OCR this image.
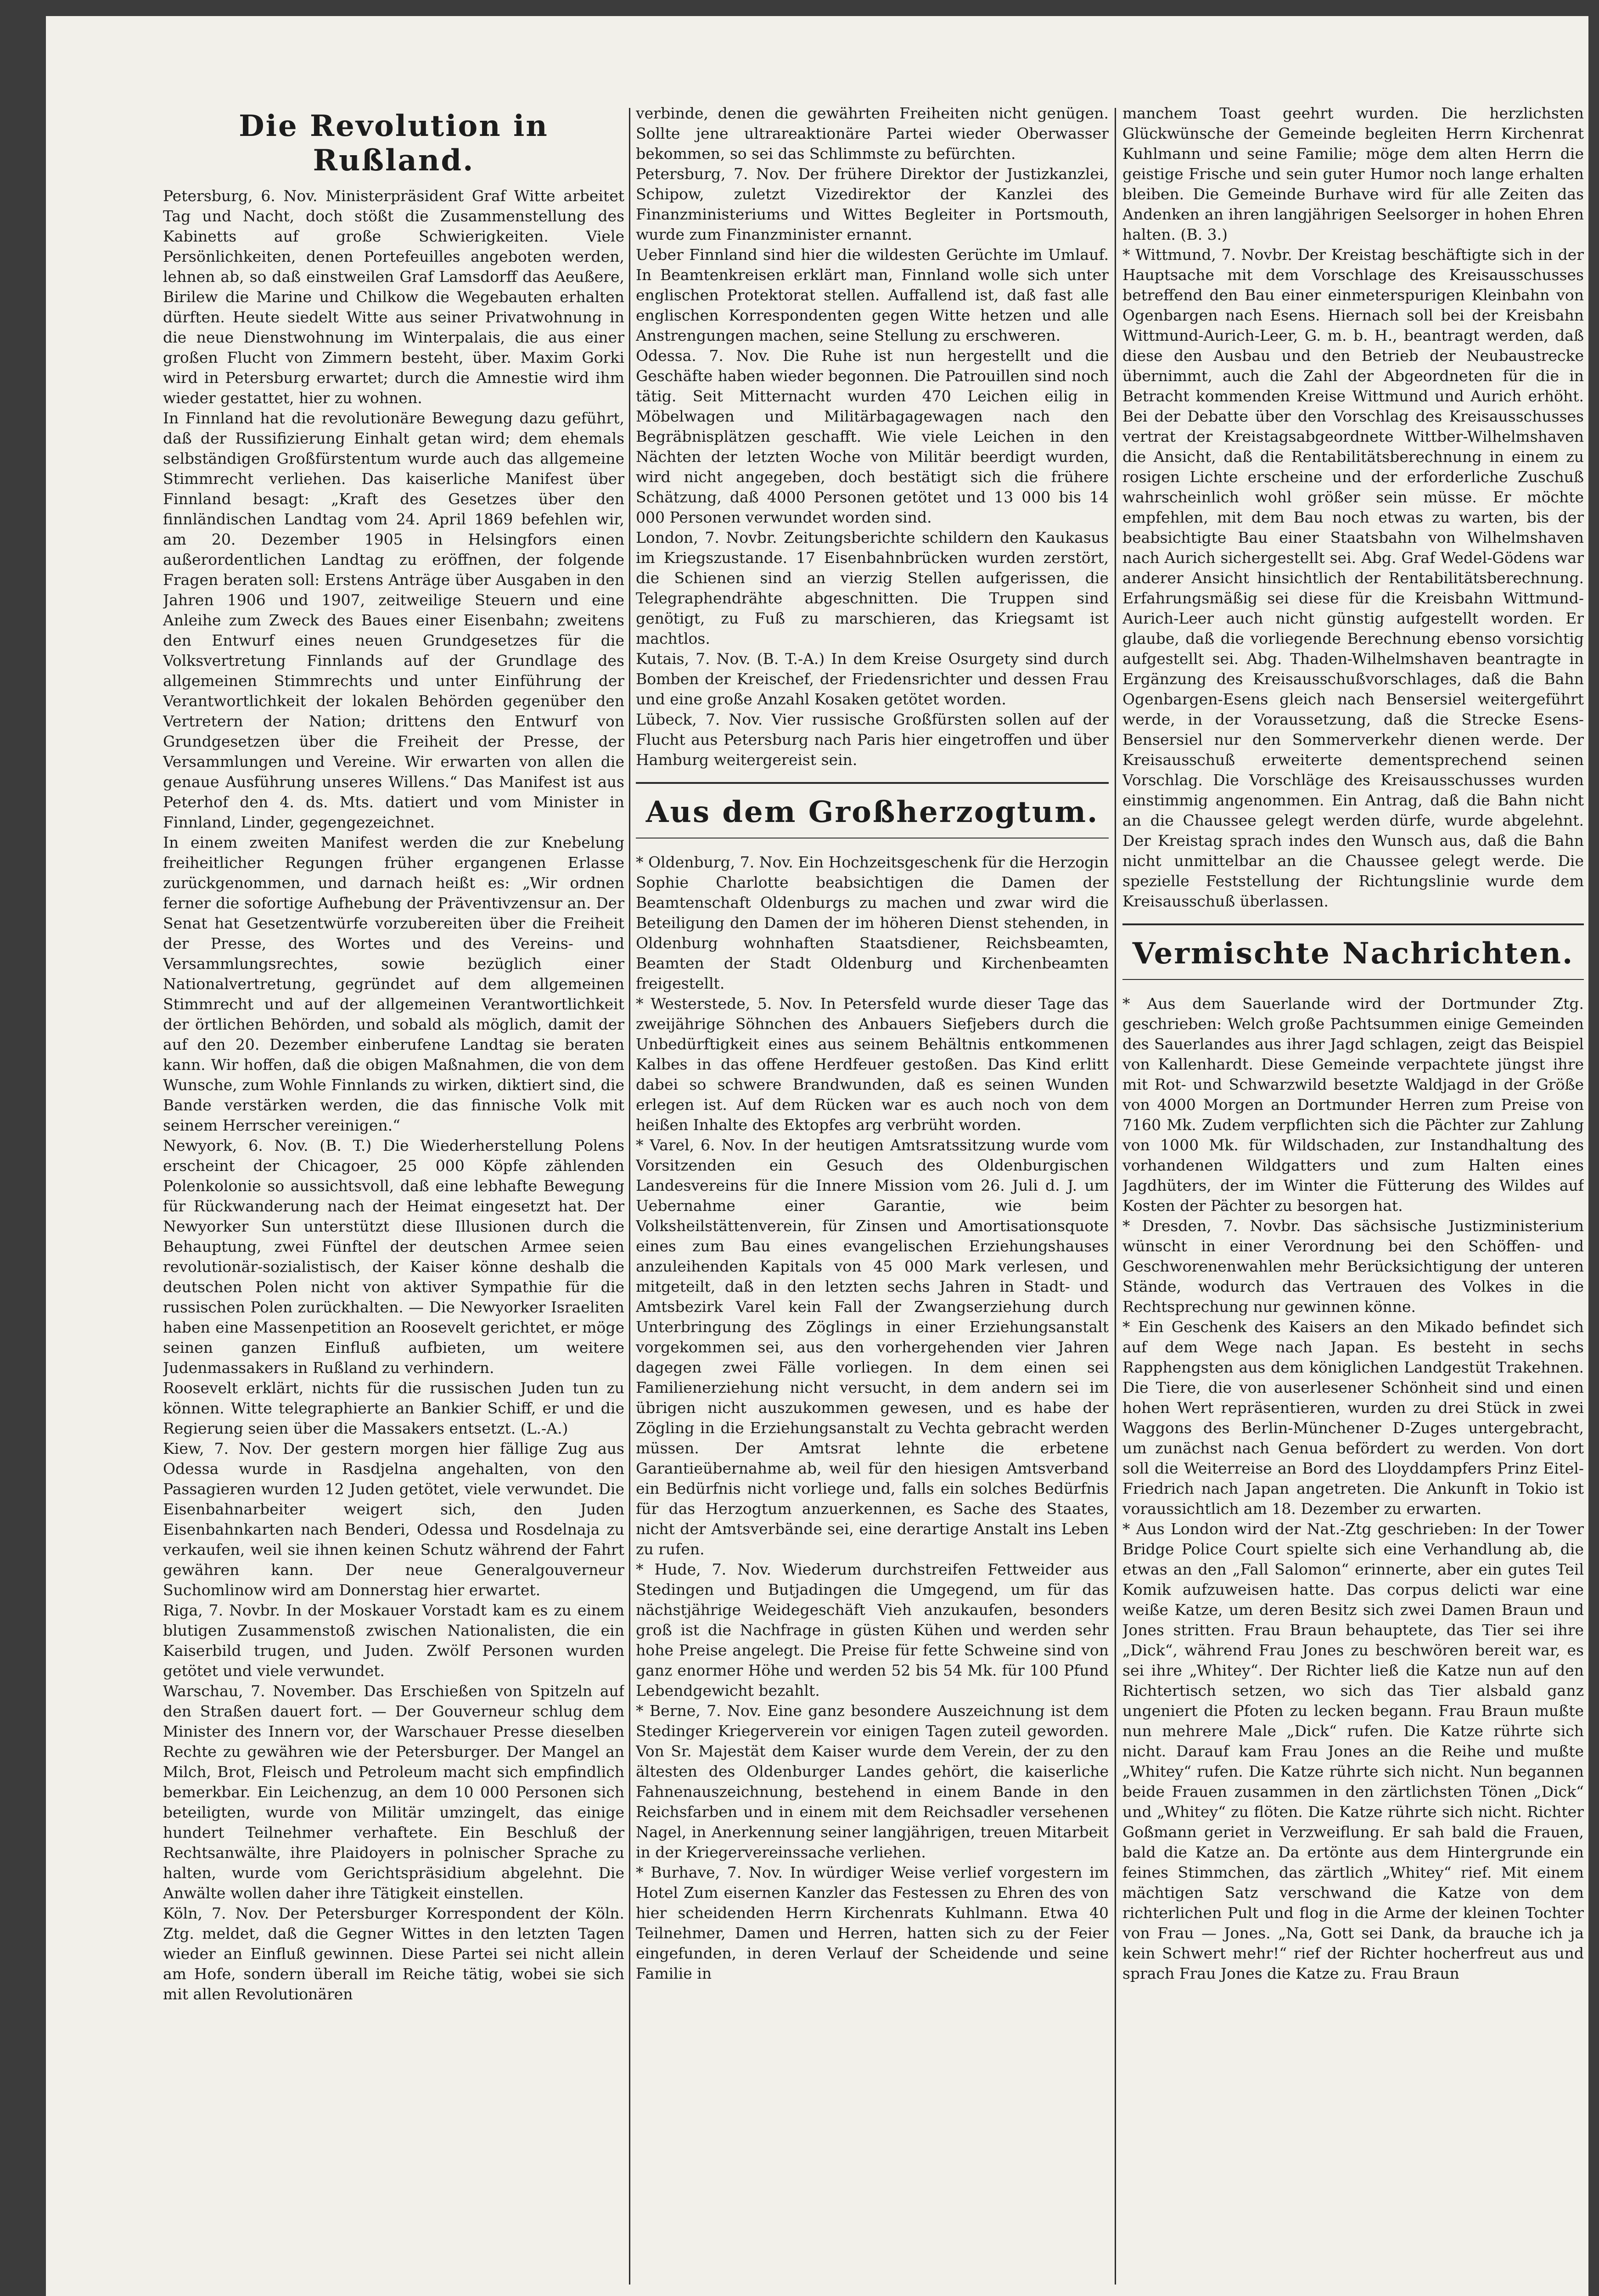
Die Revolution in Rußland.

Petersburg, 6. Nov. Ministerpräsident Graf Witte arbeitet Tag und Nacht, doch stößt die Zusammenstellung des Kabinetts auf große Schwierigkeiten. Viele Persönlichkeiten, denen Portefeuilles angeboten werden, lehnen ab, so daß einstweilen Graf Lamsdorff das Aeußere, Birilew die Marine und Chilkow die Wegebauten erhalten dürften. Heute siedelt Witte aus seiner Privatwohnung in die neue Dienstwohnung im Winterpalais, die aus einer großen Flucht von Zimmern besteht, über. Maxim Gorki wird in Petersburg erwartet; durch die Amnestie wird ihm wieder gestattet, hier zu wohnen.

In Finnland hat die revolutionäre Bewegung dazu geführt, daß der Russifizierung Einhalt getan wird; dem ehemals selbständigen Großfürstentum wurde auch das allgemeine Stimmrecht verliehen. Das kaiserliche Manifest über Finnland besagt: „Kraft des Gesetzes über den finnländischen Landtag vom 24. April 1869 befehlen wir, am 20. Dezember 1905 in Helsingfors einen außerordentlichen Landtag zu eröffnen, der folgende Fragen beraten soll: Erstens Anträge über Ausgaben in den Jahren 1906 und 1907, zeitweilige Steuern und eine Anleihe zum Zweck des Baues einer Eisenbahn; zweitens den Entwurf eines neuen Grundgesetzes für die Volksvertretung Finnlands auf der Grundlage des allgemeinen Stimmrechts und unter Einführung der Verantwortlichkeit der lokalen Behörden gegenüber den Vertretern der Nation; drittens den Entwurf von Grundgesetzen über die Freiheit der Presse, der Versammlungen und Vereine. Wir erwarten von allen die genaue Ausführung unseres Willens.“ Das Manifest ist aus Peterhof den 4. ds. Mts. datiert und vom Minister in Finnland, Linder, gegengezeichnet.

In einem zweiten Manifest werden die zur Knebelung freiheitlicher Regungen früher ergangenen Erlasse zurückgenommen, und darnach heißt es: „Wir ordnen ferner die sofortige Aufhebung der Präventivzensur an. Der Senat hat Gesetzentwürfe vorzubereiten über die Freiheit der Presse, des Wortes und des Vereins- und Versammlungsrechtes, sowie bezüglich einer Nationalvertretung, gegründet auf dem allgemeinen Stimmrecht und auf der allgemeinen Verantwortlichkeit der örtlichen Behörden, und sobald als möglich, damit der auf den 20. Dezember einberufene Landtag sie beraten kann. Wir hoffen, daß die obigen Maßnahmen, die von dem Wunsche, zum Wohle Finnlands zu wirken, diktiert sind, die Bande verstärken werden, die das finnische Volk mit seinem Herrscher vereinigen.“

Newyork, 6. Nov. (B. T.) Die Wiederherstellung Polens erscheint der Chicagoer, 25 000 Köpfe zählenden Polenkolonie so aussichtsvoll, daß eine lebhafte Bewegung für Rückwanderung nach der Heimat eingesetzt hat. Der Newyorker Sun unterstützt diese Illusionen durch die Behauptung, zwei Fünftel der deutschen Armee seien revolutionär-sozialistisch, der Kaiser könne deshalb die deutschen Polen nicht von aktiver Sympathie für die russischen Polen zurückhalten. — Die Newyorker Israeliten haben eine Massenpetition an Roosevelt gerichtet, er möge seinen ganzen Einfluß aufbieten, um weitere Judenmassakers in Rußland zu verhindern.

Roosevelt erklärt, nichts für die russischen Juden tun zu können. Witte telegraphierte an Bankier Schiff, er und die Regierung seien über die Massakers entsetzt. (L.-A.)

Kiew, 7. Nov. Der gestern morgen hier fällige Zug aus Odessa wurde in Rasdjelna angehalten, von den Passagieren wurden 12 Juden getötet, viele verwundet. Die Eisenbahnarbeiter weigert sich, den Juden Eisenbahnkarten nach Benderi, Odessa und Rosdelnaja zu verkaufen, weil sie ihnen keinen Schutz während der Fahrt gewähren kann. Der neue Generalgouverneur Suchomlinow wird am Donnerstag hier erwartet.

Riga, 7. Novbr. In der Moskauer Vorstadt kam es zu einem blutigen Zusammenstoß zwischen Nationalisten, die ein Kaiserbild trugen, und Juden. Zwölf Personen wurden getötet und viele verwundet.

Warschau, 7. November. Das Erschießen von Spitzeln auf den Straßen dauert fort. — Der Gouverneur schlug dem Minister des Innern vor, der Warschauer Presse dieselben Rechte zu gewähren wie der Petersburger. Der Mangel an Milch, Brot, Fleisch und Petroleum macht sich empfindlich bemerkbar. Ein Leichenzug, an dem 10 000 Personen sich beteiligten, wurde von Militär umzingelt, das einige hundert Teilnehmer verhaftete. Ein Beschluß der Rechtsanwälte, ihre Plaidoyers in polnischer Sprache zu halten, wurde vom Gerichtspräsidium abgelehnt. Die Anwälte wollen daher ihre Tätigkeit einstellen.

Köln, 7. Nov. Der Petersburger Korrespondent der Köln. Ztg. meldet, daß die Gegner Wittes in den letzten Tagen wieder an Einfluß gewinnen. Diese Partei sei nicht allein am Hofe, sondern überall im Reiche tätig, wobei sie sich mit allen Revolutionären

verbinde, denen die gewährten Freiheiten nicht genügen. Sollte jene ultrareaktionäre Partei wieder Oberwasser bekommen, so sei das Schlimmste zu befürchten.

Petersburg, 7. Nov. Der frühere Direktor der Justizkanzlei, Schipow, zuletzt Vizedirektor der Kanzlei des Finanzministeriums und Wittes Begleiter in Portsmouth, wurde zum Finanzminister ernannt.

Ueber Finnland sind hier die wildesten Gerüchte im Umlauf. In Beamtenkreisen erklärt man, Finnland wolle sich unter englischen Protektorat stellen. Auffallend ist, daß fast alle englischen Korrespondenten gegen Witte hetzen und alle Anstrengungen machen, seine Stellung zu erschweren.

Odessa. 7. Nov. Die Ruhe ist nun hergestellt und die Geschäfte haben wieder begonnen. Die Patrouillen sind noch tätig. Seit Mitternacht wurden 470 Leichen eilig in Möbelwagen und Militärbagagewagen nach den Begräbnisplätzen geschafft. Wie viele Leichen in den Nächten der letzten Woche von Militär beerdigt wurden, wird nicht angegeben, doch bestätigt sich die frühere Schätzung, daß 4000 Personen getötet und 13 000 bis 14 000 Personen verwundet worden sind.

London, 7. Novbr. Zeitungsberichte schildern den Kaukasus im Kriegszustande. 17 Eisenbahnbrücken wurden zerstört, die Schienen sind an vierzig Stellen aufgerissen, die Telegraphendrähte abgeschnitten. Die Truppen sind genötigt, zu Fuß zu marschieren, das Kriegsamt ist machtlos.

Kutais, 7. Nov. (B. T.-A.) In dem Kreise Osurgety sind durch Bomben der Kreischef, der Friedensrichter und dessen Frau und eine große Anzahl Kosaken getötet worden.

Lübeck, 7. Nov. Vier russische Großfürsten sollen auf der Flucht aus Petersburg nach Paris hier eingetroffen und über Hamburg weitergereist sein.

Aus dem Großherzogtum.

* Oldenburg, 7. Nov. Ein Hochzeitsgeschenk für die Herzogin Sophie Charlotte beabsichtigen die Damen der Beamtenschaft Oldenburgs zu machen und zwar wird die Beteiligung den Damen der im höheren Dienst stehenden, in Oldenburg wohnhaften Staatsdiener, Reichsbeamten, Beamten der Stadt Oldenburg und Kirchenbeamten freigestellt.

* Westerstede, 5. Nov. In Petersfeld wurde dieser Tage das zweijährige Söhnchen des Anbauers Siefjebers durch die Unbedürftigkeit eines aus seinem Behältnis entkommenen Kalbes in das offene Herdfeuer gestoßen. Das Kind erlitt dabei so schwere Brandwunden, daß es seinen Wunden erlegen ist. Auf dem Rücken war es auch noch von dem heißen Inhalte des Ektopfes arg verbrüht worden.

* Varel, 6. Nov. In der heutigen Amtsratssitzung wurde vom Vorsitzenden ein Gesuch des Oldenburgischen Landesvereins für die Innere Mission vom 26. Juli d. J. um Uebernahme einer Garantie, wie beim Volksheilstättenverein, für Zinsen und Amortisationsquote eines zum Bau eines evangelischen Erziehungshauses anzuleihenden Kapitals von 45 000 Mark verlesen, und mitgeteilt, daß in den letzten sechs Jahren in Stadt- und Amtsbezirk Varel kein Fall der Zwangserziehung durch Unterbringung des Zöglings in einer Erziehungsanstalt vorgekommen sei, aus den vorhergehenden vier Jahren dagegen zwei Fälle vorliegen. In dem einen sei Familienerziehung nicht versucht, in dem andern sei im übrigen nicht auszukommen gewesen, und es habe der Zögling in die Erziehungsanstalt zu Vechta gebracht werden müssen. Der Amtsrat lehnte die erbetene Garantieübernahme ab, weil für den hiesigen Amtsverband ein Bedürfnis nicht vorliege und, falls ein solches Bedürfnis für das Herzogtum anzuerkennen, es Sache des Staates, nicht der Amtsverbände sei, eine derartige Anstalt ins Leben zu rufen.

* Hude, 7. Nov. Wiederum durchstreifen Fettweider aus Stedingen und Butjadingen die Umgegend, um für das nächstjährige Weidegeschäft Vieh anzukaufen, besonders groß ist die Nachfrage in güsten Kühen und werden sehr hohe Preise angelegt. Die Preise für fette Schweine sind von ganz enormer Höhe und werden 52 bis 54 Mk. für 100 Pfund Lebendgewicht bezahlt.

* Berne, 7. Nov. Eine ganz besondere Auszeichnung ist dem Stedinger Kriegerverein vor einigen Tagen zuteil geworden. Von Sr. Majestät dem Kaiser wurde dem Verein, der zu den ältesten des Oldenburger Landes gehört, die kaiserliche Fahnenauszeichnung, bestehend in einem Bande in den Reichsfarben und in einem mit dem Reichsadler versehenen Nagel, in Anerkennung seiner langjährigen, treuen Mitarbeit in der Kriegervereinssache verliehen.

* Burhave, 7. Nov. In würdiger Weise verlief vorgestern im Hotel Zum eisernen Kanzler das Festessen zu Ehren des von hier scheidenden Herrn Kirchenrats Kuhlmann. Etwa 40 Teilnehmer, Damen und Herren, hatten sich zu der Feier eingefunden, in deren Verlauf der Scheidende und seine Familie in

manchem Toast geehrt wurden. Die herzlichsten Glückwünsche der Gemeinde begleiten Herrn Kirchenrat Kuhlmann und seine Familie; möge dem alten Herrn die geistige Frische und sein guter Humor noch lange erhalten bleiben. Die Gemeinde Burhave wird für alle Zeiten das Andenken an ihren langjährigen Seelsorger in hohen Ehren halten. (B. 3.)

* Wittmund, 7. Novbr. Der Kreistag beschäftigte sich in der Hauptsache mit dem Vorschlage des Kreisausschusses betreffend den Bau einer einmeterspurigen Kleinbahn von Ogenbargen nach Esens. Hiernach soll bei der Kreisbahn Wittmund-Aurich-Leer, G. m. b. H., beantragt werden, daß diese den Ausbau und den Betrieb der Neubaustrecke übernimmt, auch die Zahl der Abgeordneten für die in Betracht kommenden Kreise Wittmund und Aurich erhöht. Bei der Debatte über den Vorschlag des Kreisausschusses vertrat der Kreistagsabgeordnete Wittber-Wilhelmshaven die Ansicht, daß die Rentabilitätsberechnung in einem zu rosigen Lichte erscheine und der erforderliche Zuschuß wahrscheinlich wohl größer sein müsse. Er möchte empfehlen, mit dem Bau noch etwas zu warten, bis der beabsichtigte Bau einer Staatsbahn von Wilhelmshaven nach Aurich sichergestellt sei. Abg. Graf Wedel-Gödens war anderer Ansicht hinsichtlich der Rentabilitätsberechnung. Erfahrungsmäßig sei diese für die Kreisbahn Wittmund-Aurich-Leer auch nicht günstig aufgestellt worden. Er glaube, daß die vorliegende Berechnung ebenso vorsichtig aufgestellt sei. Abg. Thaden-Wilhelmshaven beantragte in Ergänzung des Kreisausschußvorschlages, daß die Bahn Ogenbargen-Esens gleich nach Bensersiel weitergeführt werde, in der Voraussetzung, daß die Strecke Esens-Bensersiel nur den Sommerverkehr dienen werde. Der Kreisausschuß erweiterte dementsprechend seinen Vorschlag. Die Vorschläge des Kreisausschusses wurden einstimmig angenommen. Ein Antrag, daß die Bahn nicht an die Chaussee gelegt werden dürfe, wurde abgelehnt. Der Kreistag sprach indes den Wunsch aus, daß die Bahn nicht unmittelbar an die Chaussee gelegt werde. Die spezielle Feststellung der Richtungslinie wurde dem Kreisausschuß überlassen.

Vermischte Nachrichten.

* Aus dem Sauerlande wird der Dortmunder Ztg. geschrieben: Welch große Pachtsummen einige Gemeinden des Sauerlandes aus ihrer Jagd schlagen, zeigt das Beispiel von Kallenhardt. Diese Gemeinde verpachtete jüngst ihre mit Rot- und Schwarzwild besetzte Waldjagd in der Größe von 4000 Morgen an Dortmunder Herren zum Preise von 7160 Mk. Zudem verpflichten sich die Pächter zur Zahlung von 1000 Mk. für Wildschaden, zur Instandhaltung des vorhandenen Wildgatters und zum Halten eines Jagdhüters, der im Winter die Fütterung des Wildes auf Kosten der Pächter zu besorgen hat.

* Dresden, 7. Novbr. Das sächsische Justizministerium wünscht in einer Verordnung bei den Schöffen- und Geschworenenwahlen mehr Berücksichtigung der unteren Stände, wodurch das Vertrauen des Volkes in die Rechtsprechung nur gewinnen könne.

* Ein Geschenk des Kaisers an den Mikado befindet sich auf dem Wege nach Japan. Es besteht in sechs Rapphengsten aus dem königlichen Landgestüt Trakehnen. Die Tiere, die von auserlesener Schönheit sind und einen hohen Wert repräsentieren, wurden zu drei Stück in zwei Waggons des Berlin-Münchener D-Zuges untergebracht, um zunächst nach Genua befördert zu werden. Von dort soll die Weiterreise an Bord des Lloyddampfers Prinz Eitel-Friedrich nach Japan angetreten. Die Ankunft in Tokio ist voraussichtlich am 18. Dezember zu erwarten.

* Aus London wird der Nat.-Ztg geschrieben: In der Tower Bridge Police Court spielte sich eine Verhandlung ab, die etwas an den „Fall Salomon“ erinnerte, aber ein gutes Teil Komik aufzuweisen hatte. Das corpus delicti war eine weiße Katze, um deren Besitz sich zwei Damen Braun und Jones stritten. Frau Braun behauptete, das Tier sei ihre „Dick“, während Frau Jones zu beschwören bereit war, es sei ihre „Whitey“. Der Richter ließ die Katze nun auf den Richtertisch setzen, wo sich das Tier alsbald ganz ungeniert die Pfoten zu lecken begann. Frau Braun mußte nun mehrere Male „Dick“ rufen. Die Katze rührte sich nicht. Darauf kam Frau Jones an die Reihe und mußte „Whitey“ rufen. Die Katze rührte sich nicht. Nun begannen beide Frauen zusammen in den zärtlichsten Tönen „Dick“ und „Whitey“ zu flöten. Die Katze rührte sich nicht. Richter Goßmann geriet in Verzweiflung. Er sah bald die Frauen, bald die Katze an. Da ertönte aus dem Hintergrunde ein feines Stimmchen, das zärtlich „Whitey“ rief. Mit einem mächtigen Satz verschwand die Katze von dem richterlichen Pult und flog in die Arme der kleinen Tochter von Frau — Jones. „Na, Gott sei Dank, da brauche ich ja kein Schwert mehr!“ rief der Richter hocherfreut aus und sprach Frau Jones die Katze zu. Frau Braun
